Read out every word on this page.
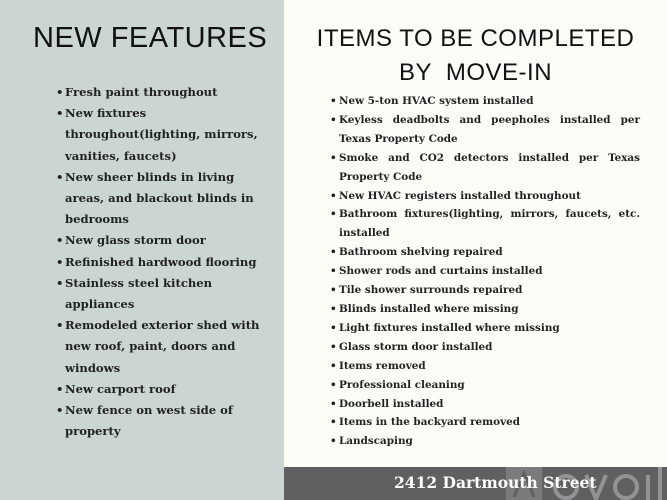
NEW FEATURES
• Fresh paint throughout
• New fixtures throughout(lighting, mirrors, vanities, faucets)
• New sheer blinds in living areas, and blackout blinds in bedrooms
• New glass storm door
• Refinished hardwood flooring
• Stainless steel kitchen appliances
• Remodeled exterior shed with new roof, paint, doors and windows
• New carport roof
• New fence on west side of property
ITEMS TO BE COMPLETED
BY  MOVE-IN
• New 5-ton HVAC system installed
• Keyless deadbolts and peepholes installed per Texas Property Code
• Smoke and CO2 detectors installed per Texas Property Code
• New HVAC registers installed throughout
• Bathroom fixtures(lighting, mirrors, faucets, etc. installed
• Bathroom shelving repaired
• Shower rods and curtains installed
• Tile shower surrounds repaired
• Blinds installed where missing
• Light fixtures installed where missing
• Glass storm door installed
• Items removed
• Professional cleaning
• Doorbell installed
• Items in the backyard removed
• Landscaping
2412 Dartmouth Street
